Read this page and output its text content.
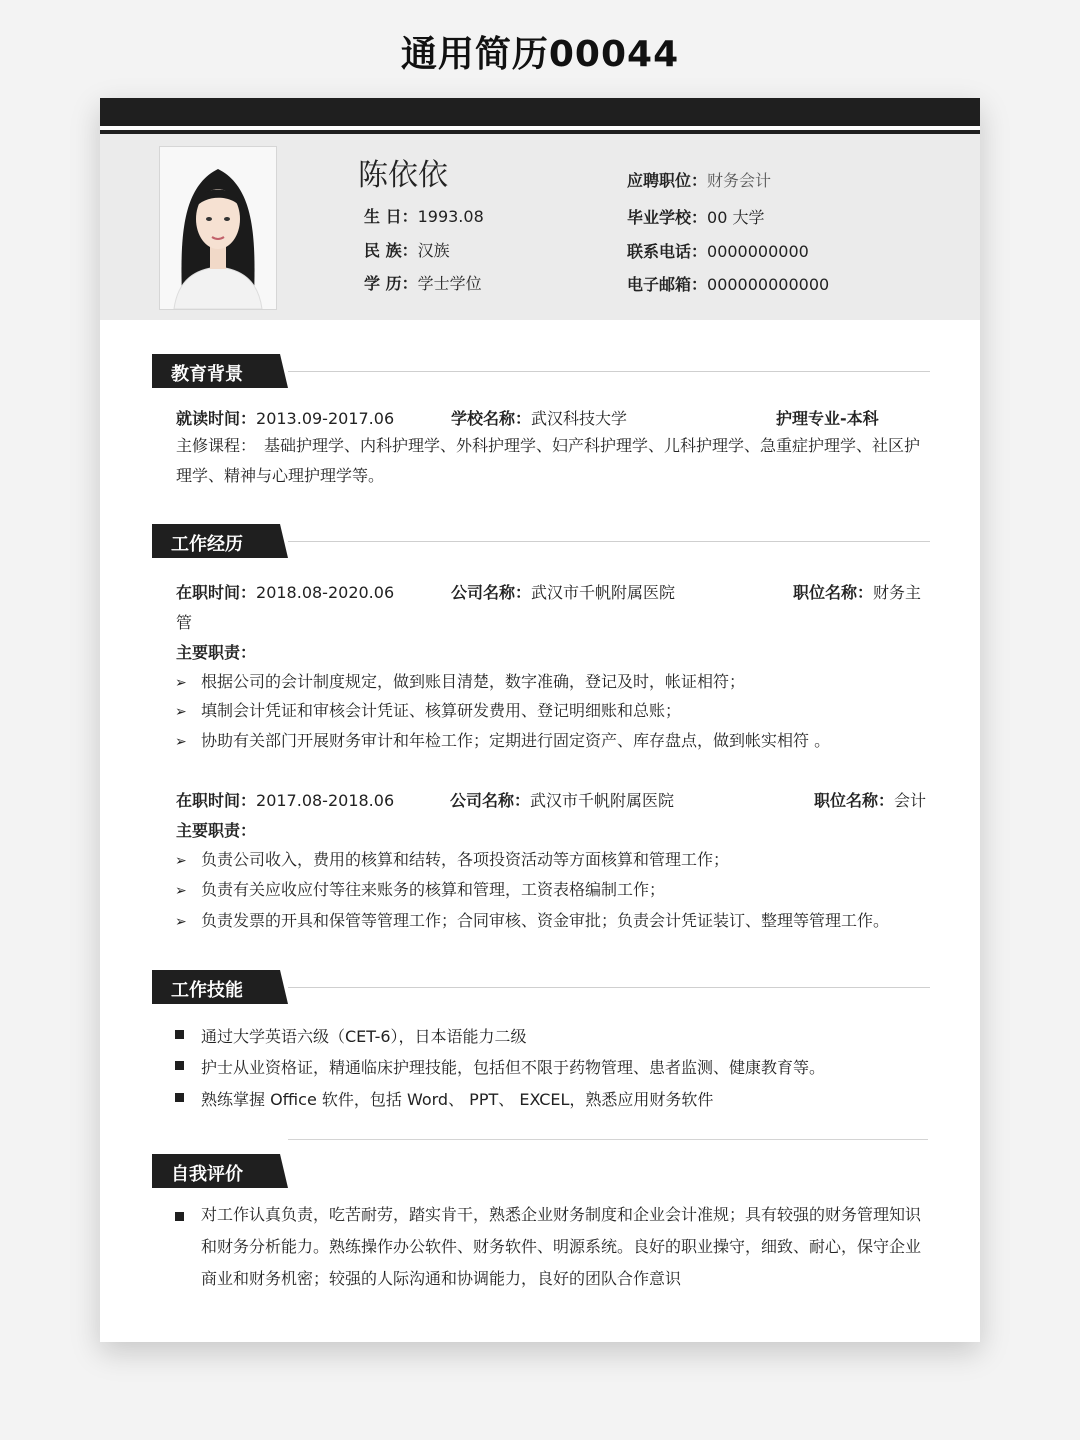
通用简历00044
陈依依
生 日：1993.08
民 族：汉族
学 历：学士学位
应聘职位：财务会计
毕业学校：00 大学
联系电话：0000000000
电子邮箱：000000000000
教育背景
就读时间：2013.09-2017.06	学校名称：武汉科技大学	护理专业-本科
主修课程： 基础护理学、内科护理学、外科护理学、妇产科护理学、儿科护理学、急重症护理学、社区护理学、精神与心理护理学等。
工作经历
在职时间：2018.08-2020.06	公司名称：武汉市千帆附属医院	职位名称：财务主
管
主要职责：
➢ 根据公司的会计制度规定，做到账目清楚，数字准确，登记及时，帐证相符；
➢ 填制会计凭证和审核会计凭证、核算研发费用、登记明细账和总账；
➢ 协助有关部门开展财务审计和年检工作；定期进行固定资产、库存盘点，做到帐实相符 。
在职时间：2017.08-2018.06	公司名称：武汉市千帆附属医院	职位名称：会计
主要职责：
➢ 负责公司收入，费用的核算和结转，各项投资活动等方面核算和管理工作；
➢ 负责有关应收应付等往来账务的核算和管理，工资表格编制工作；
➢ 负责发票的开具和保管等管理工作；合同审核、资金审批；负责会计凭证装订、整理等管理工作。
工作技能
通过大学英语六级（CET-6），日本语能力二级
护士从业资格证，精通临床护理技能，包括但不限于药物管理、患者监测、健康教育等。
熟练掌握 Office 软件，包括 Word、 PPT、 EXCEL，熟悉应用财务软件
自我评价
对工作认真负责，吃苦耐劳，踏实肯干，熟悉企业财务制度和企业会计准规；具有较强的财务管理知识和财务分析能力。熟练操作办公软件、财务软件、明源系统。良好的职业操守，细致、耐心，保守企业商业和财务机密；较强的人际沟通和协调能力，良好的团队合作意识
